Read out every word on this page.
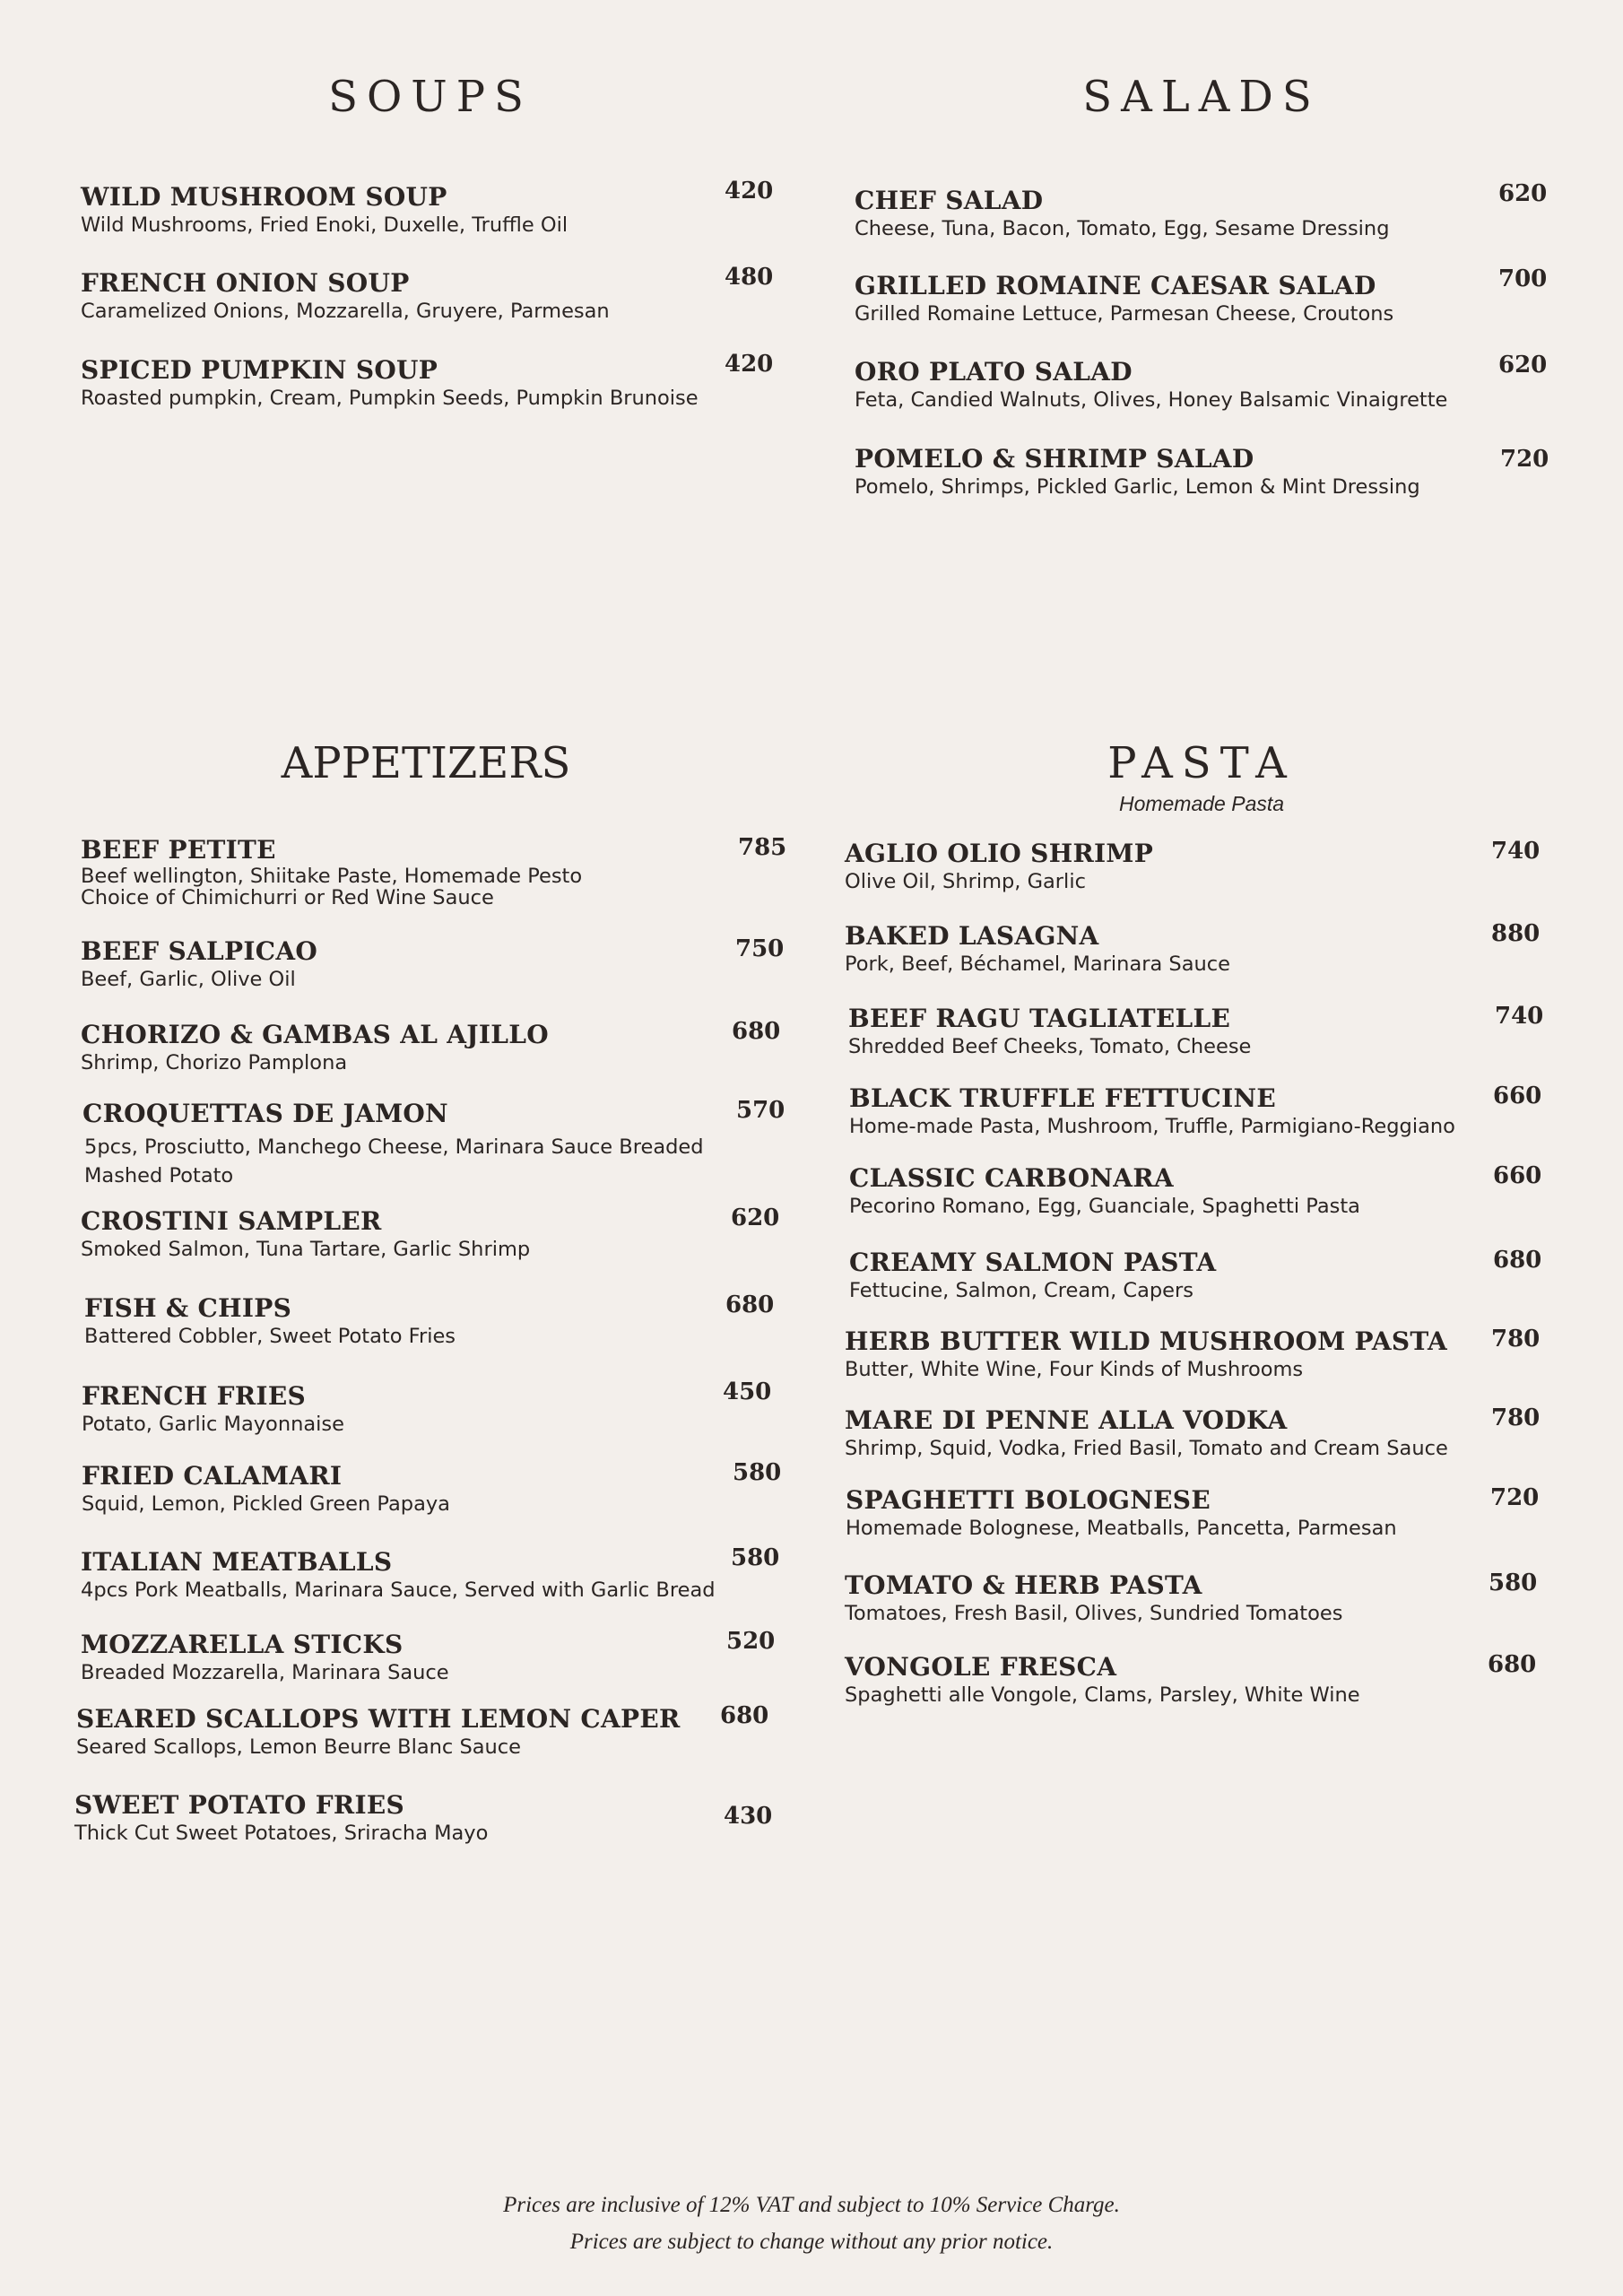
SOUPS
WILD MUSHROOM SOUP
Wild Mushrooms, Fried Enoki, Duxelle, Truffle Oil
420
FRENCH ONION SOUP
Caramelized Onions, Mozzarella, Gruyere, Parmesan
480
SPICED PUMPKIN SOUP
Roasted pumpkin, Cream, Pumpkin Seeds, Pumpkin Brunoise
420
SALADS
CHEF SALAD
Cheese, Tuna, Bacon, Tomato, Egg, Sesame Dressing
620
GRILLED ROMAINE CAESAR SALAD
Grilled Romaine Lettuce, Parmesan Cheese, Croutons
700
ORO PLATO SALAD
Feta, Candied Walnuts, Olives, Honey Balsamic Vinaigrette
620
POMELO & SHRIMP SALAD
Pomelo, Shrimps, Pickled Garlic, Lemon & Mint Dressing
720
APPETIZERS
BEEF PETITE
Beef wellington, Shiitake Paste, Homemade Pesto
Choice of Chimichurri or Red Wine Sauce
785
BEEF SALPICAO
Beef, Garlic, Olive Oil
750
CHORIZO & GAMBAS AL AJILLO
Shrimp, Chorizo Pamplona
680
CROQUETTAS DE JAMON
5pcs, Prosciutto, Manchego Cheese, Marinara Sauce Breaded Mashed Potato
570
CROSTINI SAMPLER
Smoked Salmon, Tuna Tartare, Garlic Shrimp
620
FISH & CHIPS
Battered Cobbler, Sweet Potato Fries
680
FRENCH FRIES
Potato, Garlic Mayonnaise
450
FRIED CALAMARI
Squid, Lemon, Pickled Green Papaya
580
ITALIAN MEATBALLS
4pcs Pork Meatballs, Marinara Sauce, Served with Garlic Bread
580
MOZZARELLA STICKS
Breaded Mozzarella, Marinara Sauce
520
SEARED SCALLOPS WITH LEMON CAPER
Seared Scallops, Lemon Beurre Blanc Sauce
680
SWEET POTATO FRIES
Thick Cut Sweet Potatoes, Sriracha Mayo
430
PASTA
Homemade Pasta
AGLIO OLIO SHRIMP
Olive Oil, Shrimp, Garlic
740
BAKED LASAGNA
Pork, Beef, Béchamel, Marinara Sauce
880
BEEF RAGU TAGLIATELLE
Shredded Beef Cheeks, Tomato, Cheese
740
BLACK TRUFFLE FETTUCINE
Home-made Pasta, Mushroom, Truffle, Parmigiano-Reggiano
660
CLASSIC CARBONARA
Pecorino Romano, Egg, Guanciale, Spaghetti Pasta
660
CREAMY SALMON PASTA
Fettucine, Salmon, Cream, Capers
680
HERB BUTTER WILD MUSHROOM PASTA
Butter, White Wine, Four Kinds of Mushrooms
780
MARE DI PENNE ALLA VODKA
Shrimp, Squid, Vodka, Fried Basil, Tomato and Cream Sauce
780
SPAGHETTI BOLOGNESE
Homemade Bolognese, Meatballs, Pancetta, Parmesan
720
TOMATO & HERB PASTA
Tomatoes, Fresh Basil, Olives, Sundried Tomatoes
580
VONGOLE FRESCA
Spaghetti alle Vongole, Clams, Parsley, White Wine
680
Prices are inclusive of 12% VAT and subject to 10% Service Charge.
Prices are subject to change without any prior notice.
